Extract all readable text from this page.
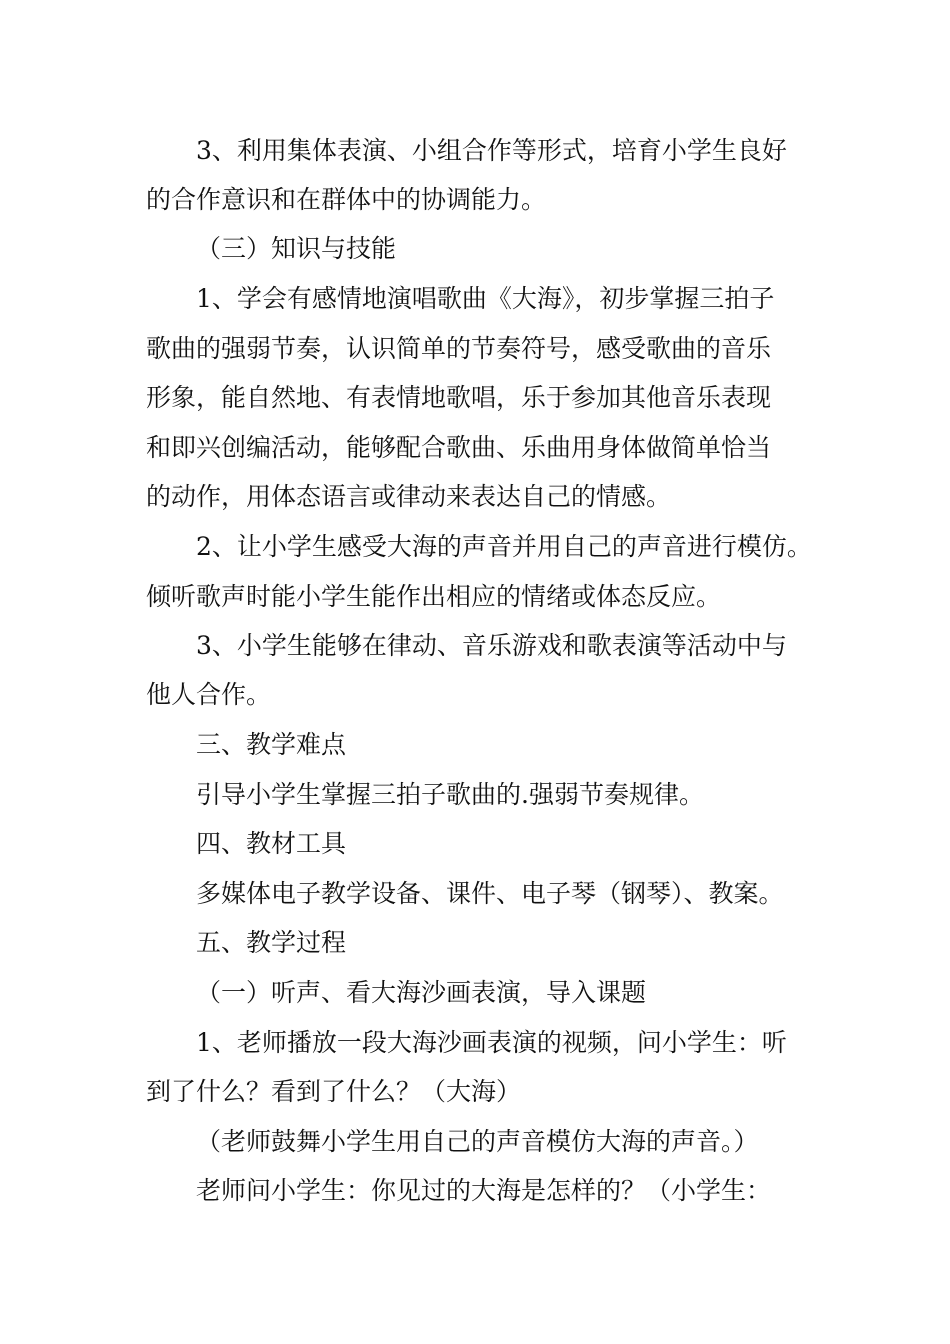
3、利用集体表演、小组合作等形式，培育小学生良好
的合作意识和在群体中的协调能力。
（三）知识与技能
1、学会有感情地演唱歌曲《大海》，初步掌握三拍子
歌曲的强弱节奏，认识简单的节奏符号，感受歌曲的音乐
形象，能自然地、有表情地歌唱，乐于参加其他音乐表现
和即兴创编活动，能够配合歌曲、乐曲用身体做简单恰当
的动作，用体态语言或律动来表达自己的情感。
2、让小学生感受大海的声音并用自己的声音进行模仿。
倾听歌声时能小学生能作出相应的情绪或体态反应。
3、小学生能够在律动、音乐游戏和歌表演等活动中与
他人合作。
三、教学难点
引导小学生掌握三拍子歌曲的.强弱节奏规律。
四、教材工具
多媒体电子教学设备、课件、电子琴（钢琴）、教案。
五、教学过程
（一）听声、看大海沙画表演，导入课题
1、老师播放一段大海沙画表演的视频，问小学生：听
到了什么？看到了什么？（大海）
（老师鼓舞小学生用自己的声音模仿大海的声音。）
老师问小学生：你见过的大海是怎样的？（小学生：
